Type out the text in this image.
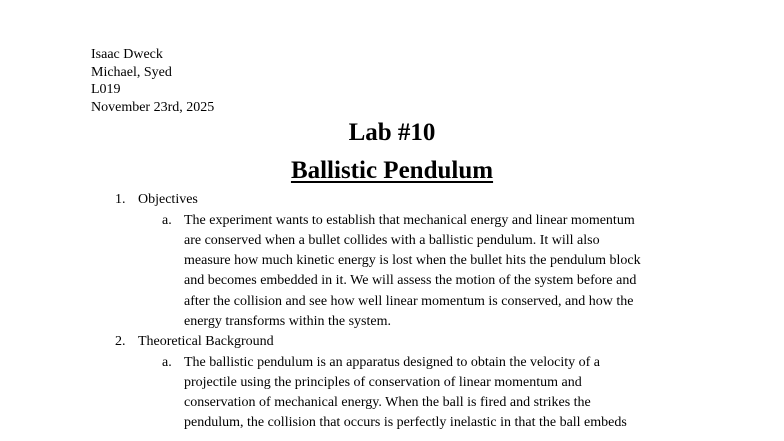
Isaac Dweck
Michael, Syed
L019
November 23rd, 2025
Lab #10
Ballistic Pendulum
1. Objectives
a. The experiment wants to establish that mechanical energy and linear momentum
are conserved when a bullet collides with a ballistic pendulum. It will also
measure how much kinetic energy is lost when the bullet hits the pendulum block
and becomes embedded in it. We will assess the motion of the system before and
after the collision and see how well linear momentum is conserved, and how the
energy transforms within the system.
2. Theoretical Background
a. The ballistic pendulum is an apparatus designed to obtain the velocity of a
projectile using the principles of conservation of linear momentum and
conservation of mechanical energy. When the ball is fired and strikes the
pendulum, the collision that occurs is perfectly inelastic in that the ball embeds
